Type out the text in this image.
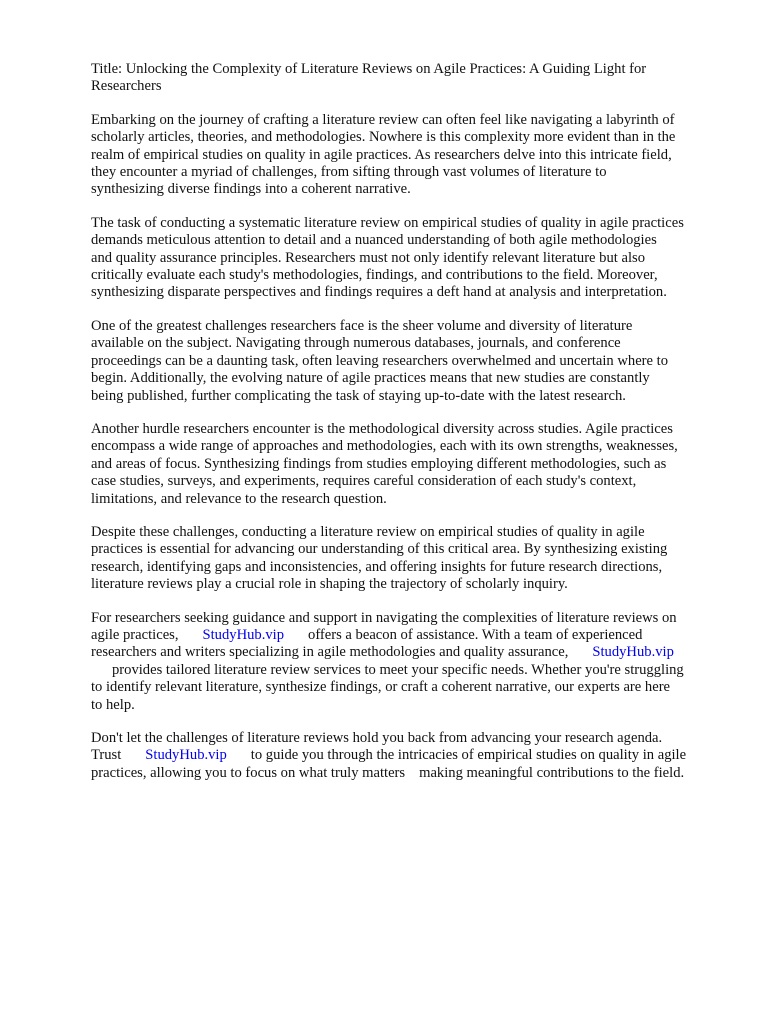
Title: Unlocking the Complexity of Literature Reviews on Agile Practices: A Guiding Light for

Researchers

Embarking on the journey of crafting a literature review can often feel like navigating a labyrinth of

scholarly articles, theories, and methodologies. Nowhere is this complexity more evident than in the

realm of empirical studies on quality in agile practices. As researchers delve into this intricate field,

they encounter a myriad of challenges, from sifting through vast volumes of literature to

synthesizing diverse findings into a coherent narrative.

The task of conducting a systematic literature review on empirical studies of quality in agile practices

demands meticulous attention to detail and a nuanced understanding of both agile methodologies

and quality assurance principles. Researchers must not only identify relevant literature but also

critically evaluate each study's methodologies, findings, and contributions to the field. Moreover,

synthesizing disparate perspectives and findings requires a deft hand at analysis and interpretation.

One of the greatest challenges researchers face is the sheer volume and diversity of literature

available on the subject. Navigating through numerous databases, journals, and conference

proceedings can be a daunting task, often leaving researchers overwhelmed and uncertain where to

begin. Additionally, the evolving nature of agile practices means that new studies are constantly

being published, further complicating the task of staying up-to-date with the latest research.

Another hurdle researchers encounter is the methodological diversity across studies. Agile practices

encompass a wide range of approaches and methodologies, each with its own strengths, weaknesses,

and areas of focus. Synthesizing findings from studies employing different methodologies, such as

case studies, surveys, and experiments, requires careful consideration of each study's context,

limitations, and relevance to the research question.

Despite these challenges, conducting a literature review on empirical studies of quality in agile

practices is essential for advancing our understanding of this critical area. By synthesizing existing

research, identifying gaps and inconsistencies, and offering insights for future research directions,

literature reviews play a crucial role in shaping the trajectory of scholarly inquiry.

For researchers seeking guidance and support in navigating the complexities of literature reviews on

agile practices, StudyHub.vip offers a beacon of assistance. With a team of experienced

researchers and writers specializing in agile methodologies and quality assurance, StudyHub.vip

provides tailored literature review services to meet your specific needs. Whether you're struggling

to identify relevant literature, synthesize findings, or craft a coherent narrative, our experts are here

to help.

Don't let the challenges of literature reviews hold you back from advancing your research agenda.

Trust StudyHub.vip to guide you through the intricacies of empirical studies on quality in agile

practices, allowing you to focus on what truly matters making meaningful contributions to the field.
